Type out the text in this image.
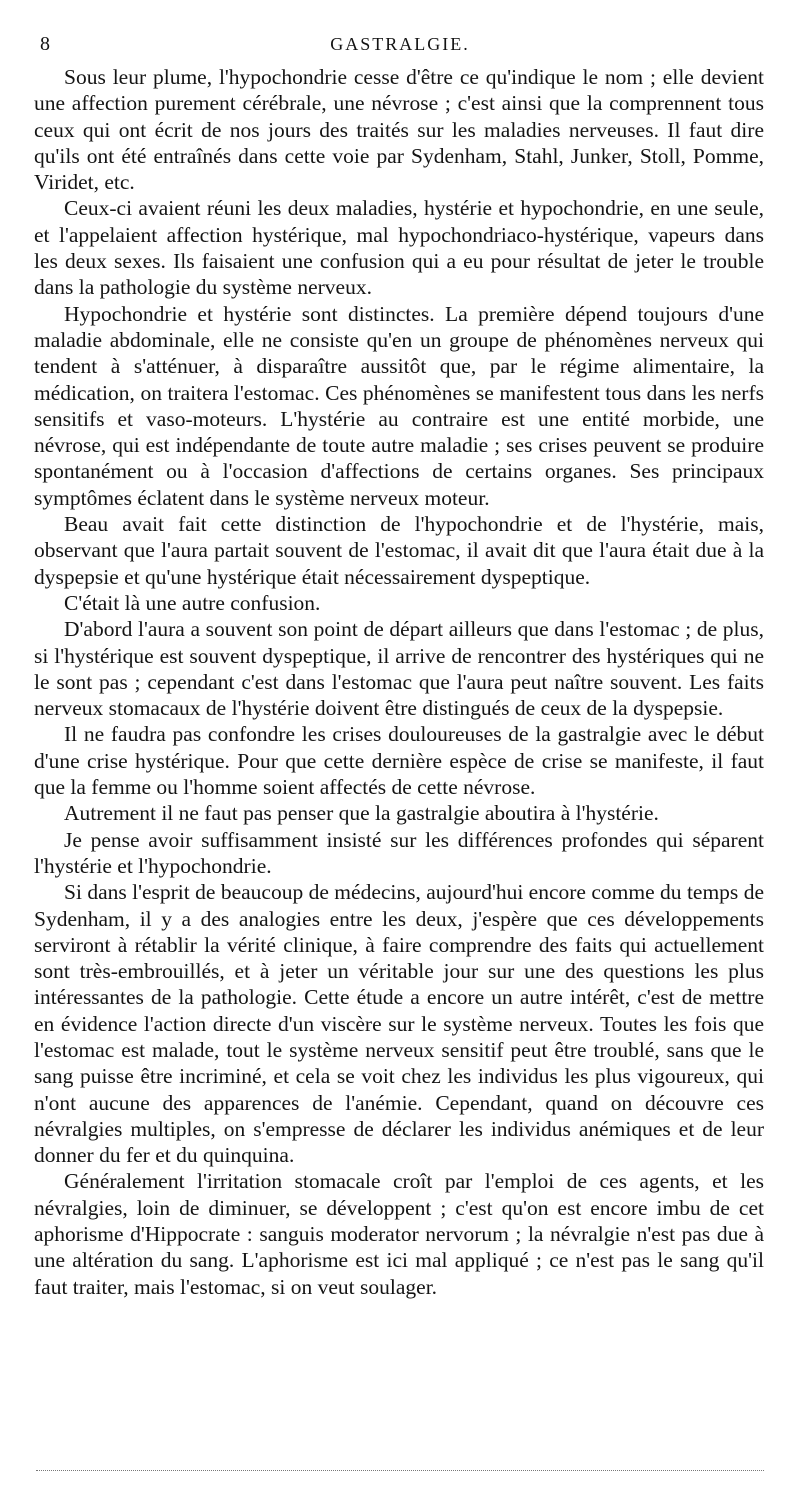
8	GASTRALGIE.

Sous leur plume, l'hypochondrie cesse d'être ce qu'indique le nom ; elle devient une affection purement cérébrale, une névrose ; c'est ainsi que la comprennent tous ceux qui ont écrit de nos jours des traités sur les maladies nerveuses. Il faut dire qu'ils ont été entraînés dans cette voie par Sydenham, Stahl, Junker, Stoll, Pomme, Viridet, etc.

Ceux-ci avaient réuni les deux maladies, hystérie et hypochondrie, en une seule, et l'appelaient affection hystérique, mal hypochondriaco-hystérique, vapeurs dans les deux sexes. Ils faisaient une confusion qui a eu pour résultat de jeter le trouble dans la pathologie du système nerveux.

Hypochondrie et hystérie sont distinctes. La première dépend toujours d'une maladie abdominale, elle ne consiste qu'en un groupe de phénomènes nerveux qui tendent à s'atténuer, à disparaître aussitôt que, par le régime alimentaire, la médication, on traitera l'estomac. Ces phénomènes se manifestent tous dans les nerfs sensitifs et vaso-moteurs. L'hystérie au contraire est une entité morbide, une névrose, qui est indépendante de toute autre maladie ; ses crises peuvent se produire spontanément ou à l'occasion d'affections de certains organes. Ses principaux symptômes éclatent dans le système nerveux moteur.

Beau avait fait cette distinction de l'hypochondrie et de l'hystérie, mais, observant que l'aura partait souvent de l'estomac, il avait dit que l'aura était due à la dyspepsie et qu'une hystérique était nécessairement dyspeptique.

C'était là une autre confusion.

D'abord l'aura a souvent son point de départ ailleurs que dans l'estomac ; de plus, si l'hystérique est souvent dyspeptique, il arrive de rencontrer des hystériques qui ne le sont pas ; cependant c'est dans l'estomac que l'aura peut naître souvent. Les faits nerveux stomacaux de l'hystérie doivent être distingués de ceux de la dyspepsie.

Il ne faudra pas confondre les crises douloureuses de la gastralgie avec le début d'une crise hystérique. Pour que cette dernière espèce de crise se manifeste, il faut que la femme ou l'homme soient affectés de cette névrose.

Autrement il ne faut pas penser que la gastralgie aboutira à l'hystérie.

Je pense avoir suffisamment insisté sur les différences profondes qui séparent l'hystérie et l'hypochondrie.

Si dans l'esprit de beaucoup de médecins, aujourd'hui encore comme du temps de Sydenham, il y a des analogies entre les deux, j'espère que ces développements serviront à rétablir la vérité clinique, à faire comprendre des faits qui actuellement sont très-embrouillés, et à jeter un véritable jour sur une des questions les plus intéressantes de la pathologie. Cette étude a encore un autre intérêt, c'est de mettre en évidence l'action directe d'un viscère sur le système nerveux. Toutes les fois que l'estomac est malade, tout le système nerveux sensitif peut être troublé, sans que le sang puisse être incriminé, et cela se voit chez les individus les plus vigoureux, qui n'ont aucune des apparences de l'anémie. Cependant, quand on découvre ces névralgies multiples, on s'empresse de déclarer les individus anémiques et de leur donner du fer et du quinquina.

Généralement l'irritation stomacale croît par l'emploi de ces agents, et les névralgies, loin de diminuer, se développent ; c'est qu'on est encore imbu de cet aphorisme d'Hippocrate : sanguis moderator nervorum ; la névralgie n'est pas due à une altération du sang. L'aphorisme est ici mal appliqué ; ce n'est pas le sang qu'il faut traiter, mais l'estomac, si on veut soulager.
